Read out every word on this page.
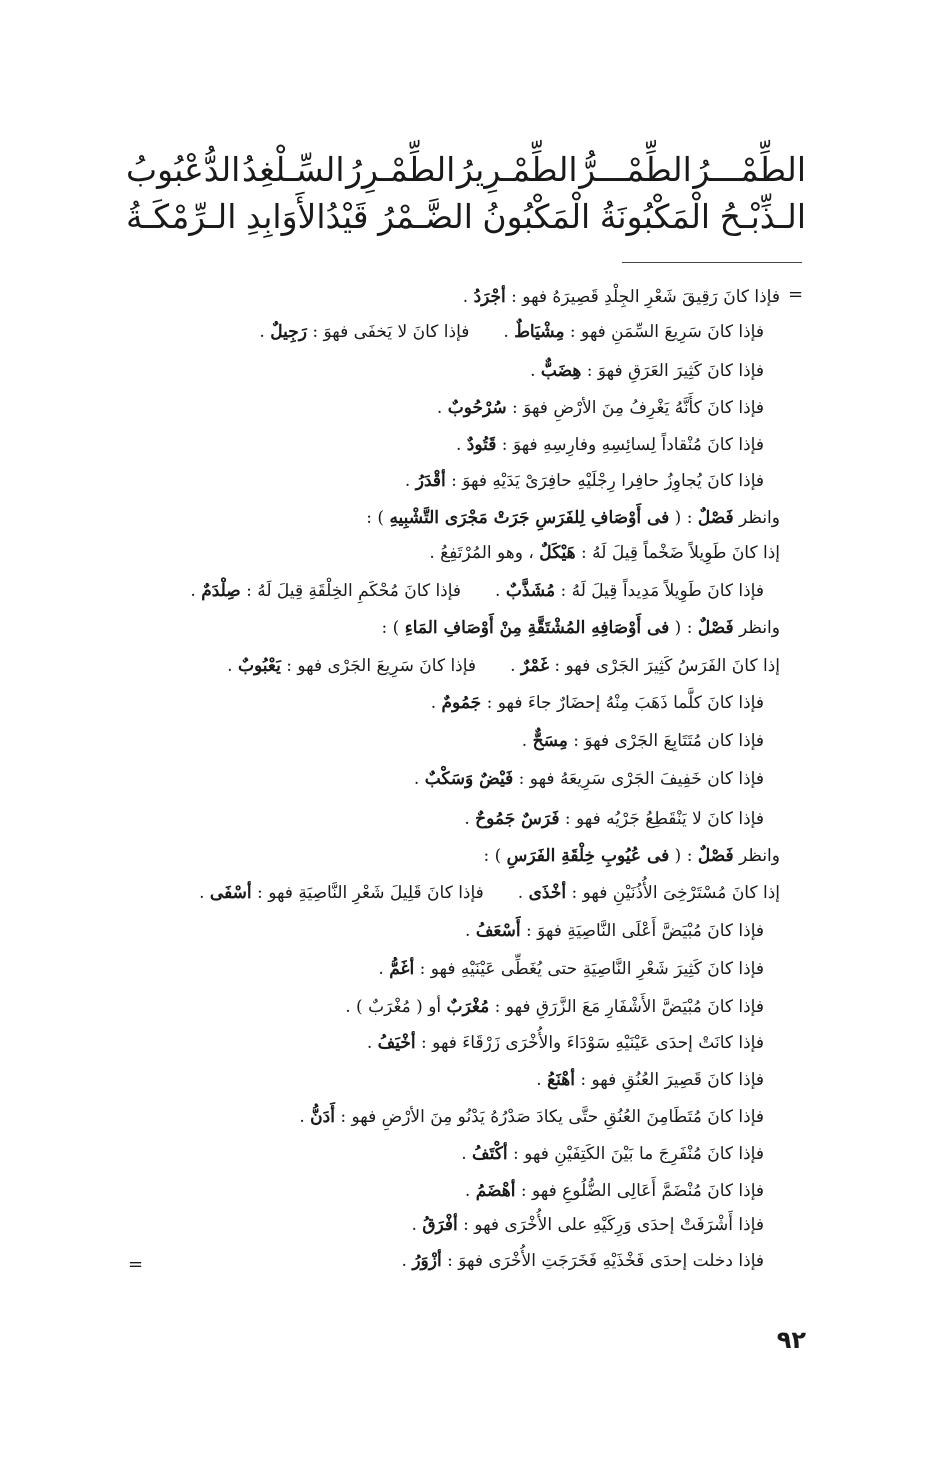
الطِّمْـــرُ
الطِّمْـــرُّ
الطِّمْـرِيرُ
الطِّمْـرِرُ
السِّـلْغِدُ
الدُّعْبُوبُ
الـذِّبْـحُ
الْمَكْبُونَةُ
الْمَكْبُونُ
الضَّـمْرُ
قَيْدُالأَوَابِدِ
الـرِّمْكَـةُ
=
=
فإذا كانَ رَقِيقَ شَعْرِ الجِلْدِ قَصِيرَهُ فهو : أجْرَدُ .
فإذا كانَ سَرِيعَ السِّمَنِ فهو : مِشْيَاطٌ .فإذا كانَ لا يَخفَى فهوَ : رَجِيلٌ .
فإذا كانَ كَثِيرَ العَرَقِ فهوَ : هِضَبٌّ .
فإذا كانَ كأَنَّهُ يَغْرِفُ مِنَ الأرْضِ فهوَ : سُرْحُوبٌ .
فإذا كانَ مُنْقاداً لِسائِسِهِ وفارِسِهِ فهوَ : قَتُودٌ .
فإذا كانَ يُجاوِزُ حافِرا رِجْلَيْهِ حافِرَىْ يَدَيْهِ فهوَ : أقْدَرُ .
وانظر فَصْلٌ : ( فى أَوْصَافِ لِلفَرَسِ جَرَتْ مَجْرَى التَّشْبِيهِ ) :
إذا كانَ طَوِيلاً ضَخْماً قِيلَ لَهُ : هَيْكَلٌ ، وهو المُرْتَفِعُ .
فإذا كانَ طَوِيلاً مَدِيداً قِيلَ لَهُ : مُشَذَّبٌ .فإذا كانَ مُحْكَمِ الخِلْقَةِ قِيلَ لَهُ : صِلْدَمٌ .
وانظر فَصْلٌ : ( فى أَوْصَافِهِ المُشْتَقَّةِ مِنْ أَوْصَافِ المَاءِ ) :
إذا كانَ الفَرَسُ كَثِيرَ الجَرْى فهو : غَمْرٌ .فإذا كانَ سَرِيعَ الجَرْى فهو : يَعْبُوبٌ .
فإذا كانَ كلَّما ذَهَبَ مِنْهُ إحضَارٌ جاءَ فهو : جَمُومٌ .
فإذا كان مُتَتَابِعَ الجَرْى فهوَ : مِسَحٌّ .
فإذا كان خَفِيفَ الجَرْى سَرِيعَهُ فهو : فَيْضٌ وَسَكْبٌ .
فإذا كانَ لا يَنْقَطِعُ جَرْيُه فهو : فَرَسٌ جَمُوحٌ .
وانظر فَصْلٌ : ( فى عُيُوبِ خِلْقَةِ الفَرَسِ ) :
إذا كانَ مُسْتَرْخِىَ الأُذُنَيْنِ فهو : أخْذَى .فإذا كانَ قَلِيلَ شَعْرِ النَّاصِيَةِ فهو : أسْفَى .
فإذا كانَ مُبْيَضَّ أَعْلَى النَّاصِيَةِ فهوَ : أَسْعَفُ .
فإذا كانَ كَثِيرَ شَعْرِ النَّاصِيَةِ حتى يُغَطِّى عَيْنَيْهِ فهو : أغَمُّ .
فإذا كانَ مُبْيَضَّ الأَشْفَارِ مَعَ الزَّرَقِ فهو : مُغْرَبٌ أو ( مُغْرَبٌ ) .
فإذا كانَتْ إحدَى عَيْنَيْهِ سَوْدَاءَ والأُخْرَى زَرْقَاءَ فهو : أخْيَفُ .
فإذا كانَ قَصِيرَ العُنُقِ فهو : أهْنَعُ .
فإذا كانَ مُتَطَامِنَ العُنُقِ حتَّى يكادَ صَدْرُهُ يَدْنُو مِنَ الأرْضِ فهو : أَدَنُّ .
فإذا كانَ مُنْفَرِجَ ما بَيْنَ الكَتِفَيْنِ فهو : أكْتَفُ .
فإذا كانَ مُنْضَمَّ أَعَالِى الضُّلُوعِ فهو : أهْضَمُ .
فإذا أَشْرَفَتْ إحدَى وَرِكَيْهِ على الأُخْرَى فهو : أفْرَقُ .
فإذا دخلت إحدَى فَخْذَيْهِ فَخَرَجَتِ الأُخْرَى فهوَ : أزْوَرُ .
٩٢
